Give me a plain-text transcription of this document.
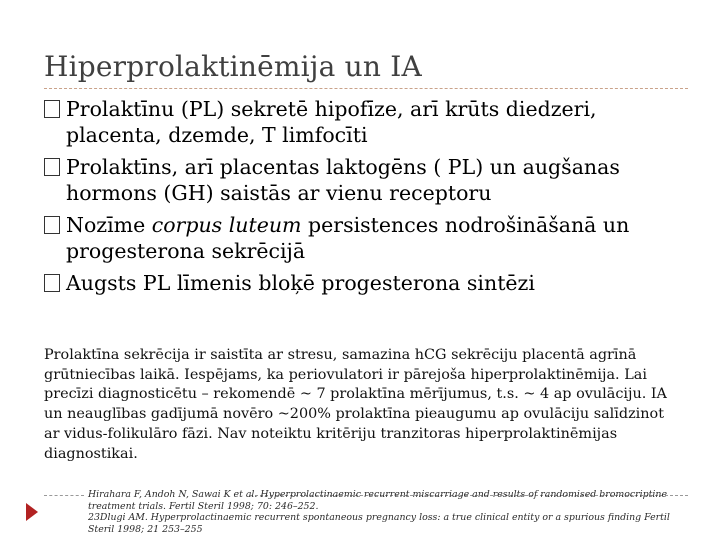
Hiperprolaktinēmija un IA
Prolaktīnu (PL) sekretē hipofīze, arī krūts diedzeri, placenta, dzemde, T limfocīti
Prolaktīns, arī placentas laktogēns ( PL) un augšanas hormons (GH) saistās ar vienu receptoru
Nozīme corpus luteum persistences nodrošināšanā un progesterona sekrēcijā
Augsts PL līmenis bloķē progesterona sintēzi
Prolaktīna sekrēcija ir saistīta ar stresu, samazina hCG sekrēciju placentā agrīnā grūtniecības laikā. Iespējams, ka periovulatori ir pārejoša hiperprolaktinēmija. Lai precīzi diagnosticētu – rekomendē ~ 7 prolaktīna mērījumus, t.s. ~ 4 ap ovulāciju. IA un neauglības gadījumā novēro ~200% prolaktīna pieaugumu ap ovulāciju salīdzinot ar vidus-folikulāro fāzi. Nav noteiktu kritēriju tranzitoras hiperprolaktinēmijas diagnostikai.
Hirahara F, Andoh N, Sawai K et al. Hyperprolactinaemic recurrent miscarriage and results of randomised bromocriptine treatment trials. Fertil Steril 1998; 70: 246–252.
23Dlugi AM. Hyperprolactinaemic recurrent spontaneous pregnancy loss: a true clinical entity or a spurious finding Fertil Steril 1998; 21 253–255
